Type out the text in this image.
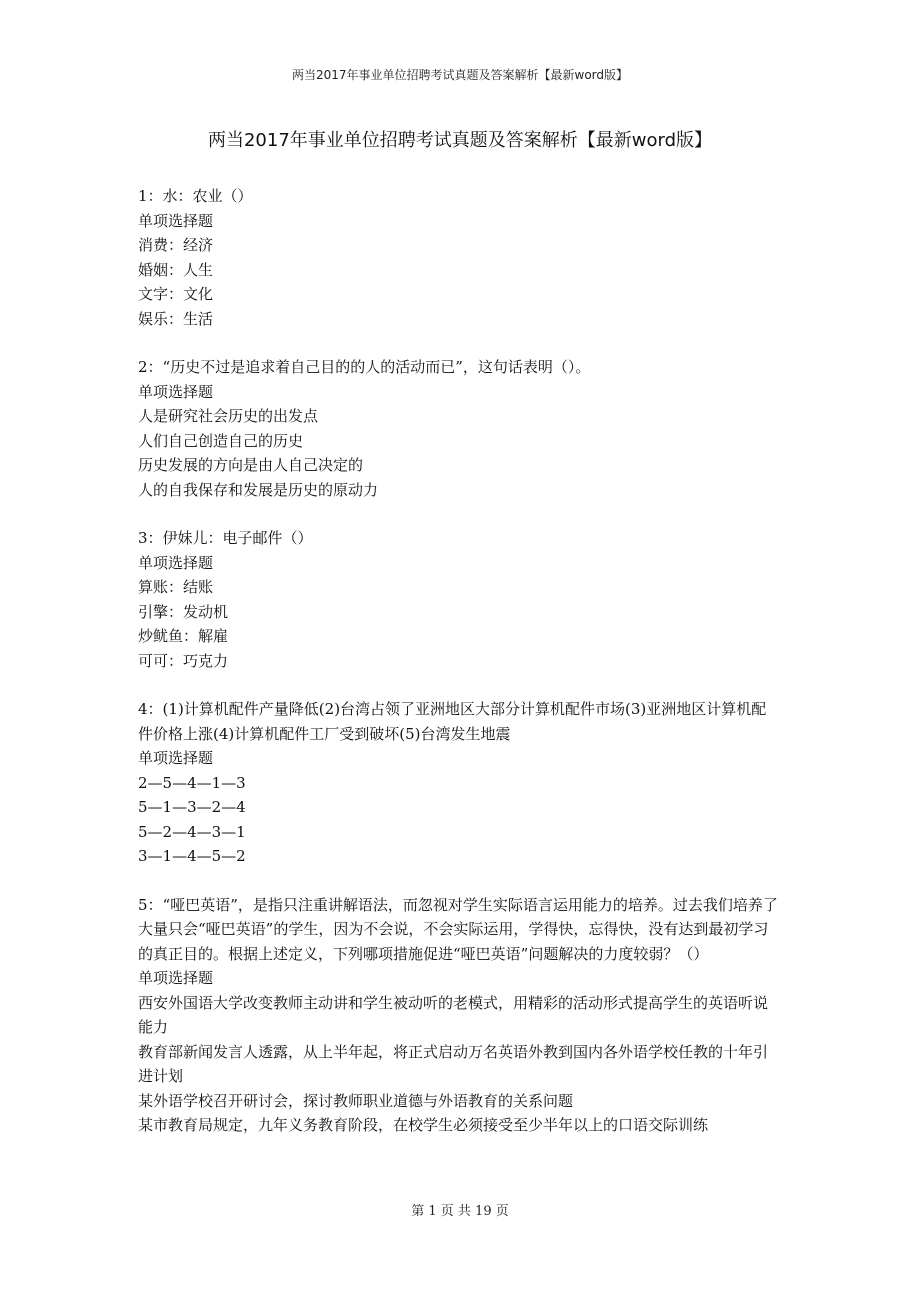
两当2017年事业单位招聘考试真题及答案解析【最新word版】
两当2017年事业单位招聘考试真题及答案解析【最新word版】

1：水：农业（）

单项选择题

消费：经济

婚姻：人生

文字：文化

娱乐：生活

2：“历史不过是追求着自己目的的人的活动而已”，这句话表明（）。

单项选择题

人是研究社会历史的出发点

人们自己创造自己的历史

历史发展的方向是由人自己决定的

人的自我保存和发展是历史的原动力

3：伊妹儿：电子邮件（）

单项选择题

算账：结账

引擎：发动机

炒鱿鱼：解雇

可可：巧克力

4：(1)计算机配件产量降低(2)台湾占领了亚洲地区大部分计算机配件市场(3)亚洲地区计算机配件价格上涨(4)计算机配件工厂受到破坏(5)台湾发生地震

单项选择题

2—5—4—1—3

5—1—3—2—4

5—2—4—3—1

3—1—4—5—2

5：“哑巴英语”，是指只注重讲解语法，而忽视对学生实际语言运用能力的培养。过去我们培养了大量只会“哑巴英语”的学生，因为不会说，不会实际运用，学得快，忘得快，没有达到最初学习的真正目的。根据上述定义，下列哪项措施促进“哑巴英语”问题解决的力度较弱？（）

单项选择题

西安外国语大学改变教师主动讲和学生被动听的老模式，用精彩的活动形式提高学生的英语听说能力

教育部新闻发言人透露，从上半年起，将正式启动万名英语外教到国内各外语学校任教的十年引进计划

某外语学校召开研讨会，探讨教师职业道德与外语教育的关系问题

某市教育局规定，九年义务教育阶段，在校学生必须接受至少半年以上的口语交际训练

第 1 页 共 19 页
